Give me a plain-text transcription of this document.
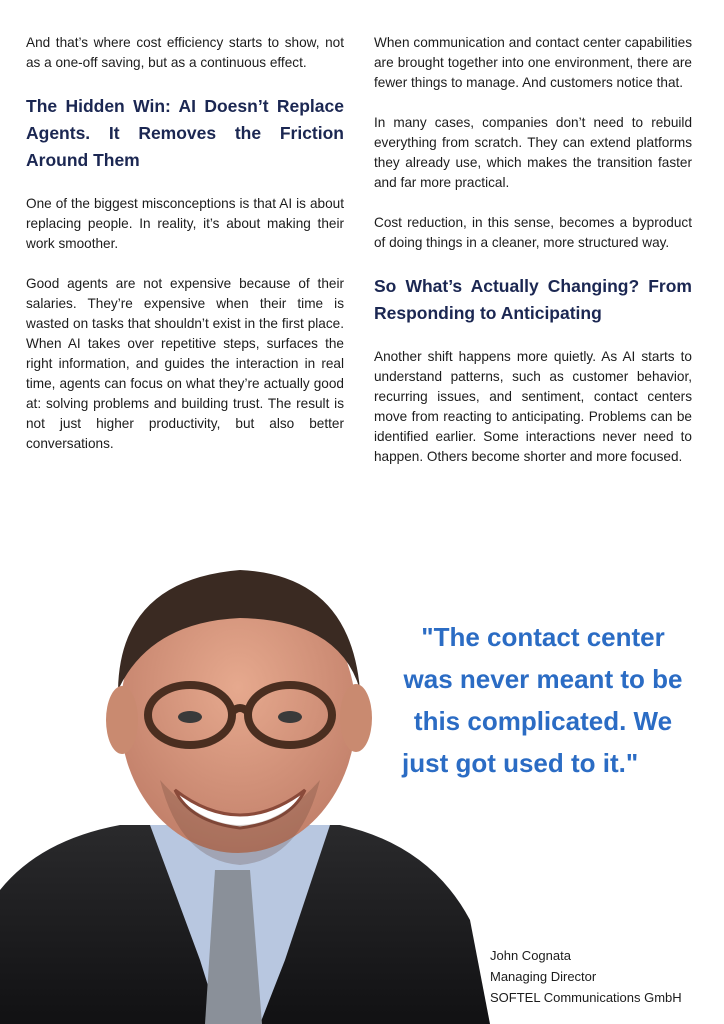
And that’s where cost efficiency starts to show, not as a one-off saving, but as a continuous effect.

The Hidden Win: AI Doesn’t Replace Agents. It Removes the Friction Around Them

One of the biggest misconceptions is that AI is about replacing people. In reality, it’s about making their work smoother.

Good agents are not expensive because of their salaries. They’re expensive when their time is wasted on tasks that shouldn’t exist in the first place. When AI takes over repetitive steps, surfaces the right information, and guides the interaction in real time, agents can focus on what they’re actually good at: solving problems and building trust. The result is not just higher productivity, but also better conversations.

When communication and contact center capabilities are brought together into one environment, there are fewer things to manage. And customers notice that.

In many cases, companies don’t need to rebuild everything from scratch. They can extend platforms they already use, which makes the transition faster and far more practical.

Cost reduction, in this sense, becomes a byproduct of doing things in a cleaner, more structured way.

So What’s Actually Changing? From Responding to Anticipating

Another shift happens more quietly. As AI starts to understand patterns, such as customer behavior, recurring issues, and sentiment, contact centers move from reacting to anticipating. Problems can be identified earlier. Some interactions never need to happen. Others become shorter and more focused.

"The contact center was never meant to be this complicated. We just got used to it."

John Cognata
Managing Director
SOFTEL Communications GmbH
